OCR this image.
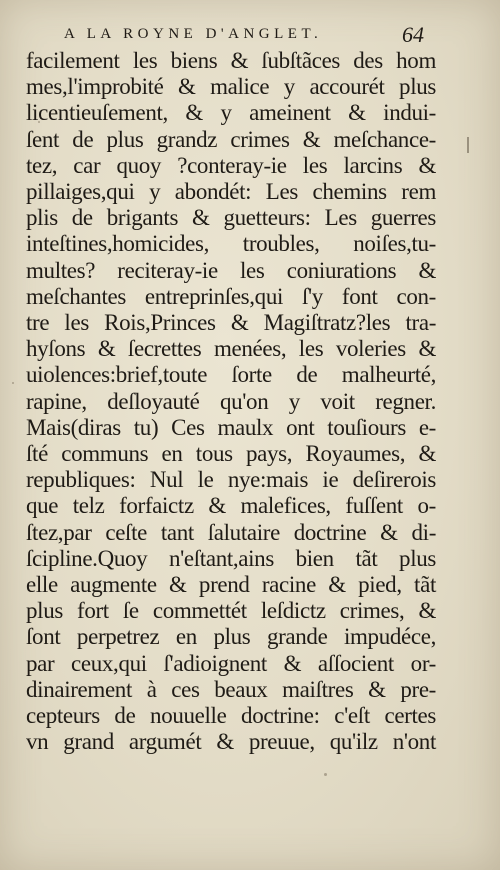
A LA ROYNE D'ANGLET.	64
facilement les biens & ſubſtãces des hom
mes,l'improbité & malice y accourét plus
licentieuſement, & y ameinent & indui-
ſent de plus grandz crimes & meſchance-
tez, car quoy ?conteray-ie les larcins &
pillaiges,qui y abondét: Les chemins rem
plis de brigants & guetteurs: Les guerres
inteſtines,homicides, troubles, noiſes,tu-
multes? reciteray-ie les coniurations &
meſchantes entreprinſes,qui ſ'y font con-
tre les Rois,Princes & Magiſtratz?les tra-
hyſons & ſecrettes menées, les voleries &
uiolences:brief,toute ſorte de malheurté,
rapine, deſloyauté qu'on y voit regner.
Mais(diras tu) Ces maulx ont touſiours e-
ſté communs en tous pays, Royaumes, &
republiques: Nul le nye:mais ie deſirerois
que telz forfaictz & malefices, fuſſent o-
ſtez,par ceſte tant ſalutaire doctrine & di-
ſcipline.Quoy n'eſtant,ains bien tãt plus
elle augmente & prend racine & pied, tãt
plus fort ſe commettét leſdictz crimes, &
ſont perpetrez en plus grande impudéce,
par ceux,qui ſ'adioignent & aſſocient or-
dinairement à ces beaux maiſtres & pre-
cepteurs de nouuelle doctrine: c'eſt certes
vn grand argumét & preuue, qu'ilz n'ont
